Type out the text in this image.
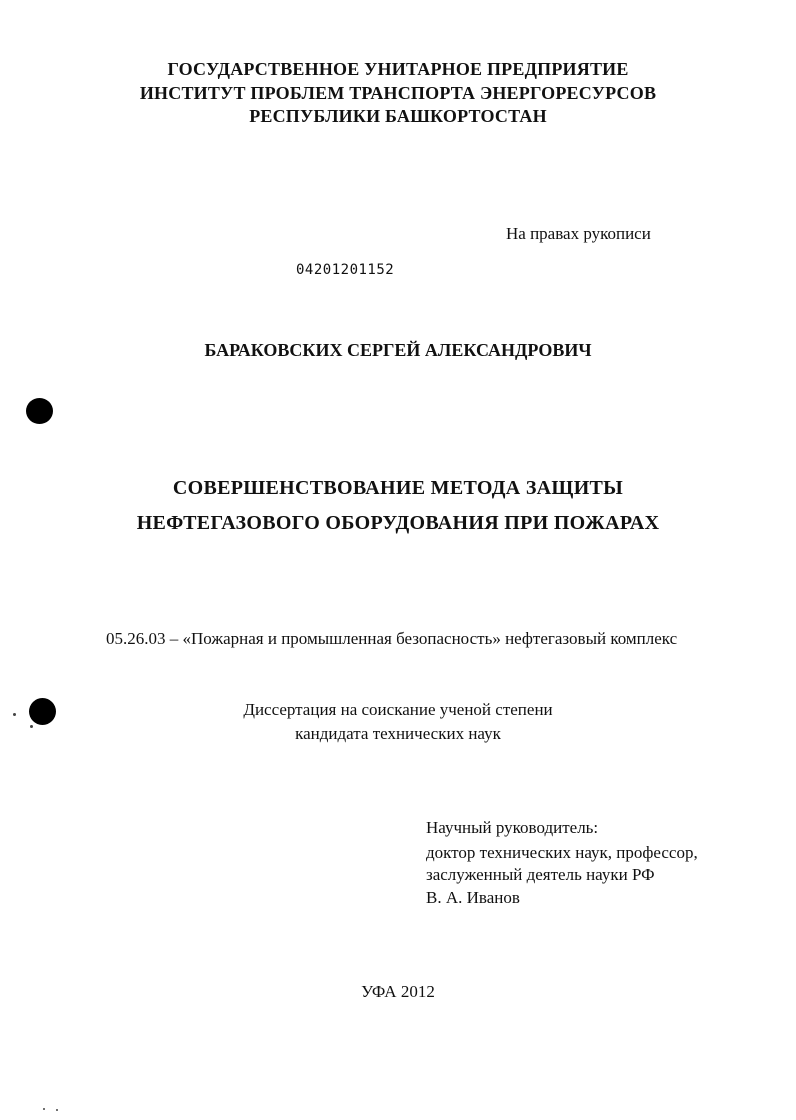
ГОСУДАРСТВЕННОЕ УНИТАРНОЕ ПРЕДПРИЯТИЕ
ИНСТИТУТ ПРОБЛЕМ ТРАНСПОРТА ЭНЕРГОРЕСУРСОВ
РЕСПУБЛИКИ БАШКОРТОСТАН
На правах рукописи
04201201152
БАРАКОВСКИХ СЕРГЕЙ АЛЕКСАНДРОВИЧ
СОВЕРШЕНСТВОВАНИЕ МЕТОДА ЗАЩИТЫ
НЕФТЕГАЗОВОГО ОБОРУДОВАНИЯ ПРИ ПОЖАРАХ
05.26.03 – «Пожарная и промышленная безопасность» нефтегазовый комплекс
Диссертация на соискание ученой степени
кандидата технических наук
Научный руководитель:
доктор технических наук, профессор,
заслуженный деятель науки РФ
В. А. Иванов
УФА 2012
